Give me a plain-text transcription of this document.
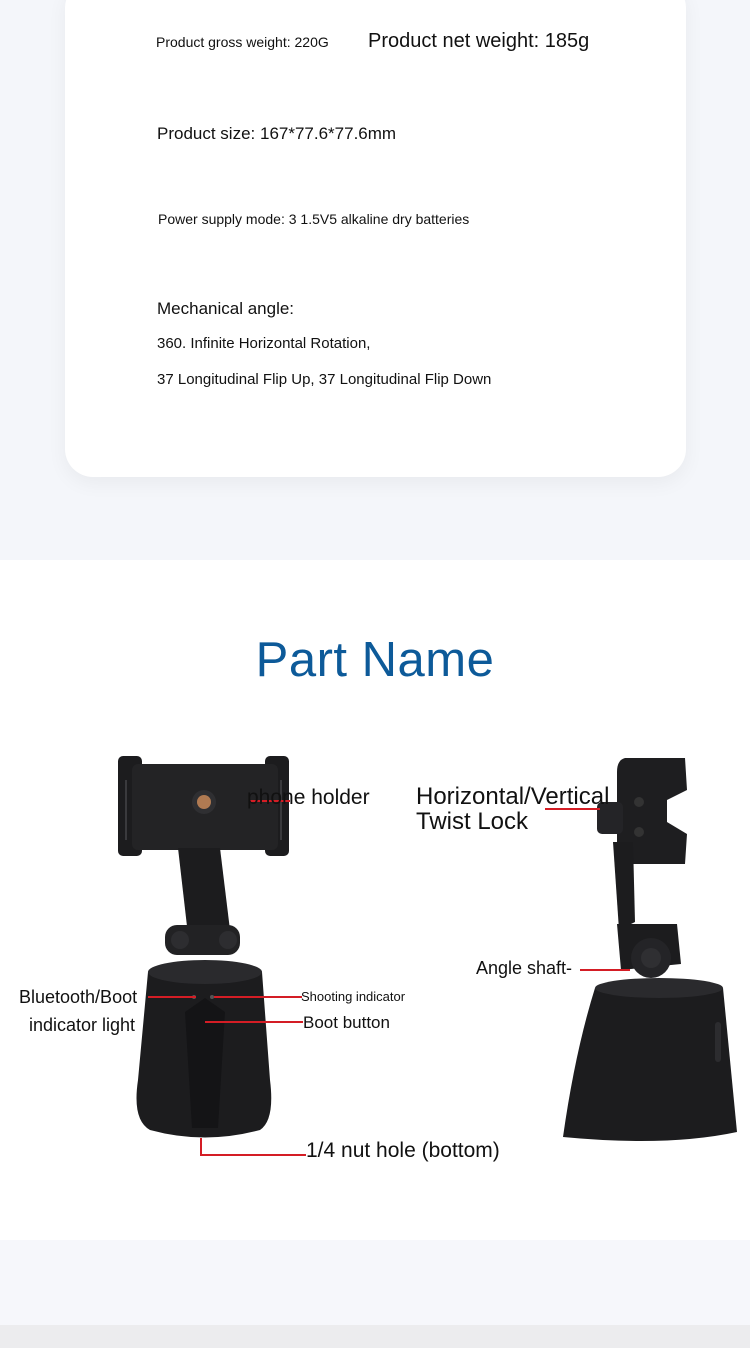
Product gross weight: 220G Product net weight: 185g
Product size: 167*77.6*77.6mm
Power supply mode: 3 1.5V5 alkaline dry batteries
Mechanical angle:
360. Infinite Horizontal Rotation,
37 Longitudinal Flip Up, 37 Longitudinal Flip Down
Part Name
phone holder Horizontal/Vertical
Twist Lock
Angle shaft-
Bluetooth/Boot
indicator light
Shooting indicator
Boot button
1/4 nut hole (bottom)
